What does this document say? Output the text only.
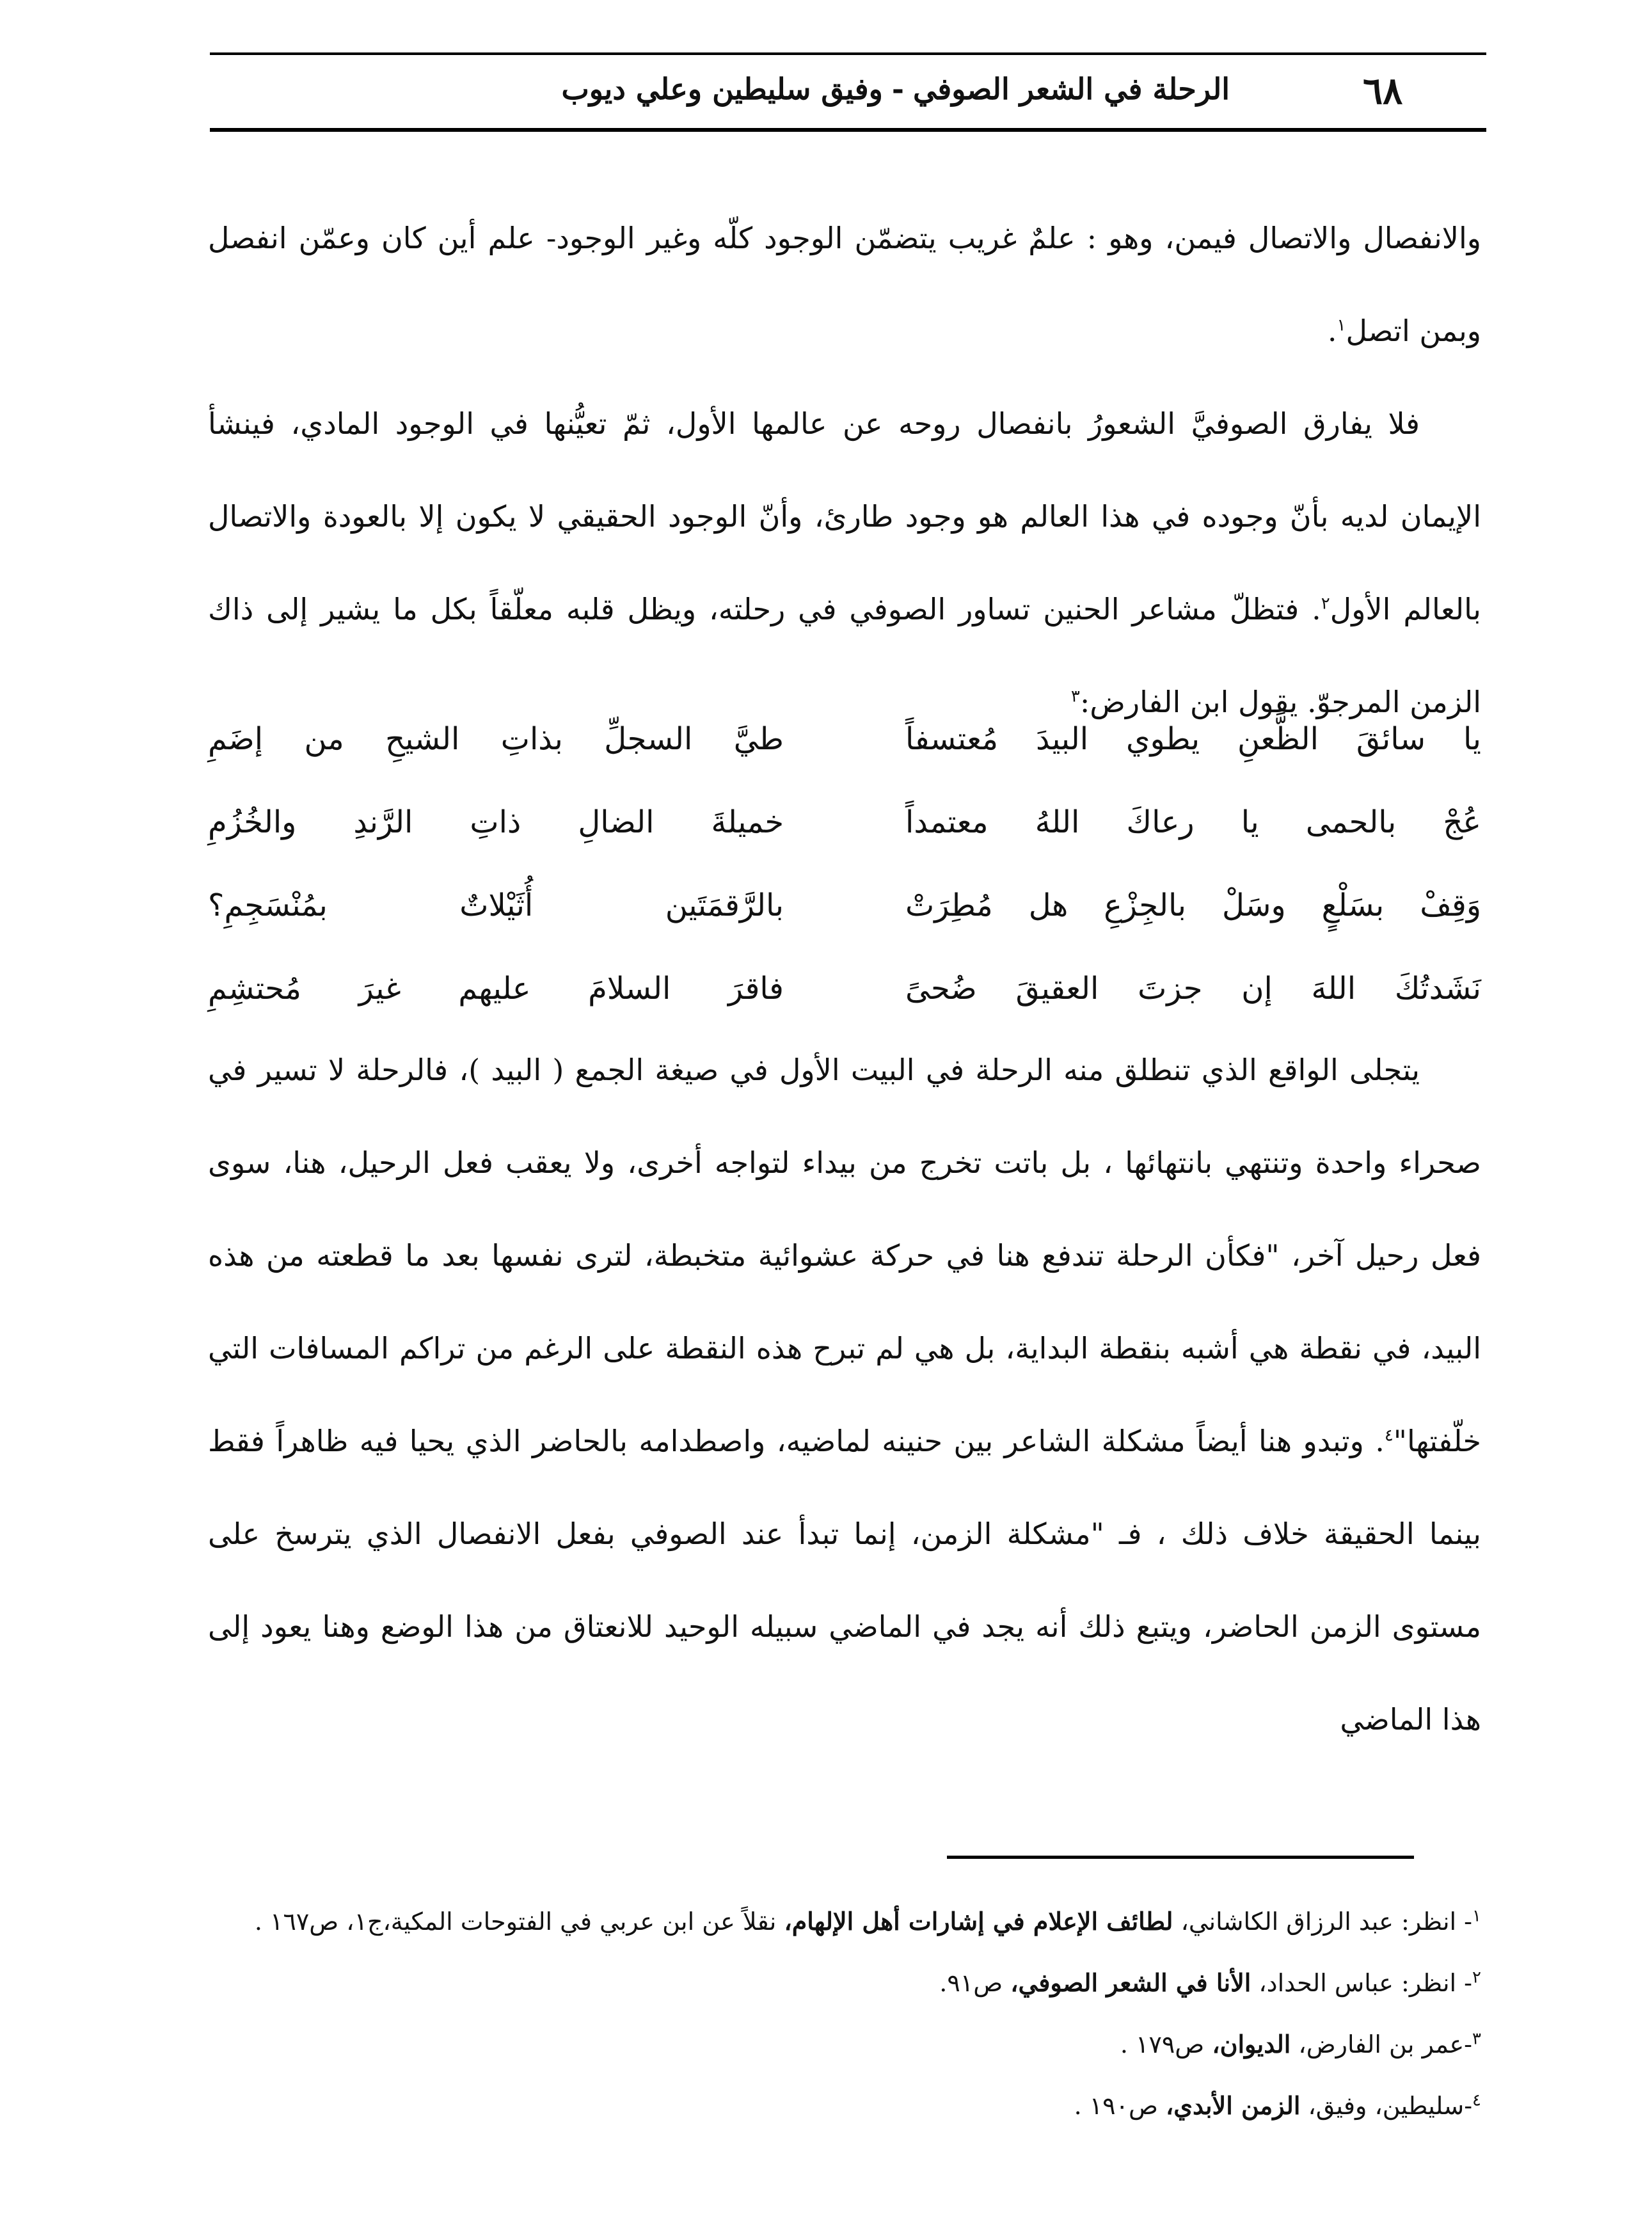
الرحلة في الشعر الصوفي-وفيق سليطين وعلي ديوب	٦٨

والانفصال والاتصال فيمن، وهو : علمٌ غريب يتضمّن الوجود كلّه وغير الوجود- علم أين كان وعمّن انفصل وبمن اتصل$^١$.

فلا يفارق الصوفيَّ الشعورُ بانفصال روحه عن عالمها الأول، ثمّ تعيُّنها في الوجود المادي، فينشأ الإيمان لديه بأنّ وجوده في هذا العالم هو وجود طارئ، وأنّ الوجود الحقيقي لا يكون إلا بالعودة والاتصال بالعالم الأول$^٢$. فتظلّ مشاعر الحنين تساور الصوفي في رحلته، ويظل قلبه معلّقاً بكل ما يشير إلى ذاك الزمن المرجوّ. يقول ابن الفارض:$^٣$

يا سائقَ الظَّعنِ يطوي البيدَ مُعتسفاً
طيَّ السجلِّ بذاتِ الشيحِ من إضَمِ
عُجْ بالحمى يا رعاكَ اللهُ معتمداً
خميلةَ الضالِ ذاتِ الرَّندِ والخُزُمِ
وَقِفْ بسَلْعٍ وسَلْ بالجِزْعِ هل مُطِرَتْ
بالرَّقمَتَين أُثَيْلاتٌ بمُنْسَجِمِ؟
نَشَدتُكَ اللهَ إن جزتَ العقيقَ ضُحىً
فاقرَ السلامَ عليهم غيرَ مُحتشِمِ

يتجلى الواقع الذي تنطلق منه الرحلة في البيت الأول في صيغة الجمع ( البيد )، فالرحلة لا تسير في صحراء واحدة وتنتهي بانتهائها ، بل باتت تخرج من بيداء لتواجه أخرى، ولا يعقب فعل الرحيل، هنا، سوى فعل رحيل آخر، "فكأن الرحلة تندفع هنا في حركة عشوائية متخبطة، لترى نفسها بعد ما قطعته من هذه البيد، في نقطة هي أشبه بنقطة البداية، بل هي لم تبرح هذه النقطة على الرغم من تراكم المسافات التي خلّفتها"$^٤$. وتبدو هنا أيضاً مشكلة الشاعر بين حنينه لماضيه، واصطدامه بالحاضر الذي يحيا فيه ظاهراً فقط بينما الحقيقة خلاف ذلك ، فـ "مشكلة الزمن، إنما تبدأ عند الصوفي بفعل الانفصال الذي يترسخ على مستوى الزمن الحاضر، ويتبع ذلك أنه يجد في الماضي سبيله الوحيد للانعتاق من هذا الوضع وهنا يعود إلى هذا الماضي

$^١$- انظر: عبد الرزاق الكاشاني، لطائف الإعلام في إشارات أهل الإلهام، نقلاً عن ابن عربي في الفتوحات المكية،ج١، ص١٦٧ .

$^٢$- انظر: عباس الحداد، الأنا في الشعر الصوفي، ص٩١.

$^٣$-عمر بن الفارض، الديوان، ص١٧٩ .

$^٤$-سليطين، وفيق، الزمن الأبدي، ص١٩٠ .
